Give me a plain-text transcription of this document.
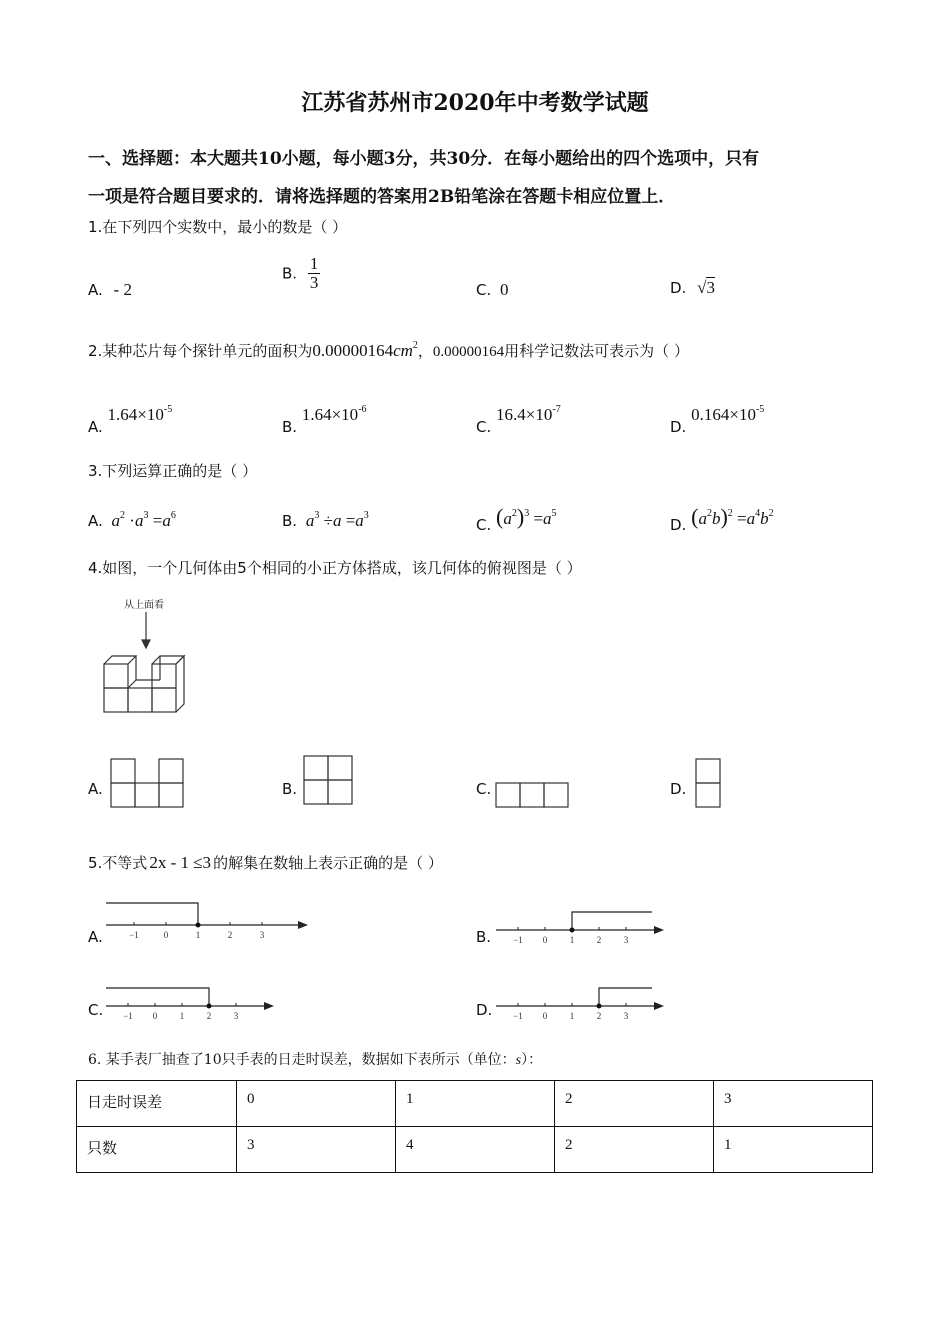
江苏省苏州市2020年中考数学试题
一、选择题：本大题共10小题，每小题3分，共30分．在每小题给出的四个选项中，只有
一项是符合题目要求的．请将选择题的答案用2B铅笔涂在答题卡相应位置上．
1.在下列四个实数中，最小的数是（ ）
A. - 2
B. $\frac{1}{3}$	C. 0	D. √3
2.某种芯片每个探针单元的面积为$0.00000164cm^2$，0.00000164用科学记数法可表示为（ ）
A. $1.64\times 10^{-5}$
B. $1.64\times 10^{-6}$
C. $16.4\times 10^{-7}$
D. $0.164\times 10^{-5}$
3.下列运算正确的是（ ）
A. $a^2 \cdot a^3 =a^6$	B. $a^3 \div a =a^3$
C. $(a^2)^3 =a^5$
D. $(a^2b)^2 =a^4b^2$
4.如图，一个几何体由5个相同的小正方体搭成，该几何体的俯视图是（ ）
从上面看
A.	B.	C.	D.
5.不等式 2x - 1 ≤3 的解集在数轴上表示正确的是（ ）
A.	−1	0	1	2	3	B. −1 0	1	2	3
C. −1 0	1	2	3	D. −1 0	1	2	3
6. 某手表厂抽查了10只手表的日走时误差，数据如下表所示（单位：s）：
日走时误差	0	1	2	3
只数	3	4	2	1
